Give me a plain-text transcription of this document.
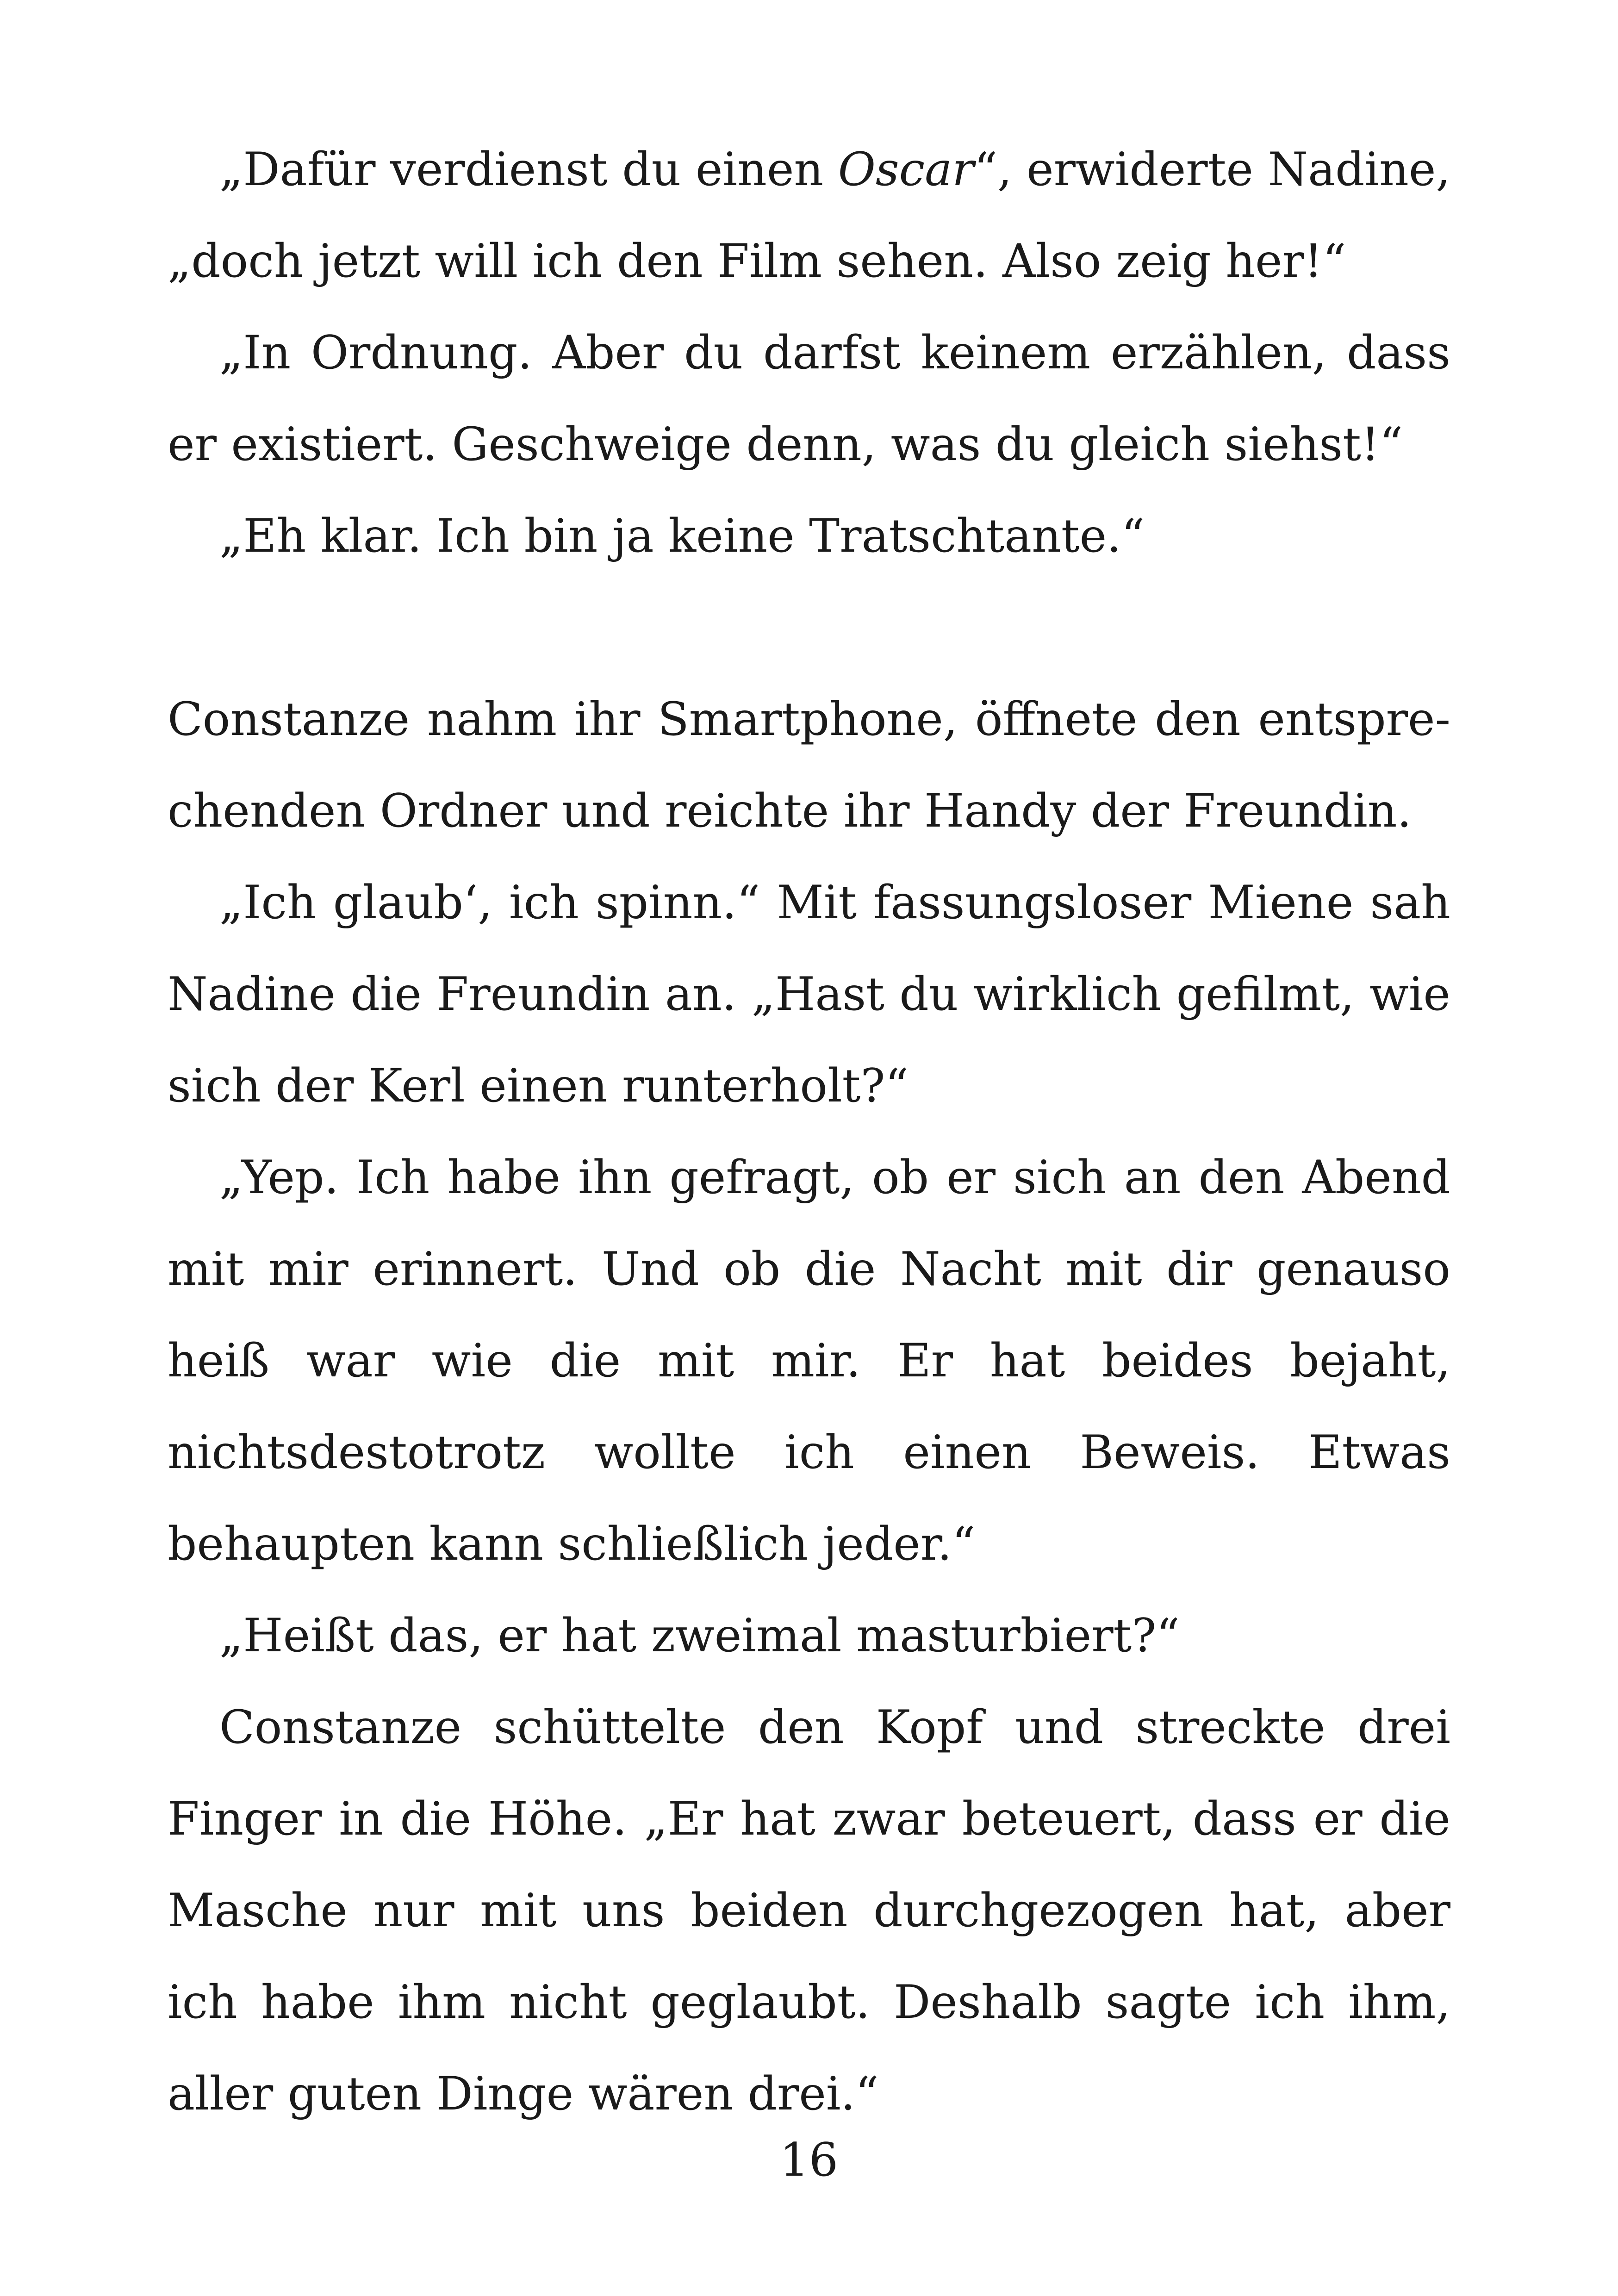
„Dafür verdienst du einen Oscar“, erwiderte Nadine, „doch jetzt will ich den Film sehen. Also zeig her!“

„In Ordnung. Aber du darfst keinem erzählen, dass er existiert. Geschweige denn, was du gleich siehst!“

„Eh klar. Ich bin ja keine Tratschtante.“

Constanze nahm ihr Smartphone, öffnete den entsprechenden Ordner und reichte ihr Handy der Freundin.

„Ich glaub‘, ich spinn.“ Mit fassungsloser Miene sah Nadine die Freundin an. „Hast du wirklich gefilmt, wie sich der Kerl einen runterholt?“

„Yep. Ich habe ihn gefragt, ob er sich an den Abend mit mir erinnert. Und ob die Nacht mit dir genauso heiß war wie die mit mir. Er hat beides bejaht, nichtsdestotrotz wollte ich einen Beweis. Etwas behaupten kann schließlich jeder.“

„Heißt das, er hat zweimal masturbiert?“

Constanze schüttelte den Kopf und streckte drei Finger in die Höhe. „Er hat zwar beteuert, dass er die Masche nur mit uns beiden durchgezogen hat, aber ich habe ihm nicht geglaubt. Deshalb sagte ich ihm, aller guten Dinge wären drei.“

16
